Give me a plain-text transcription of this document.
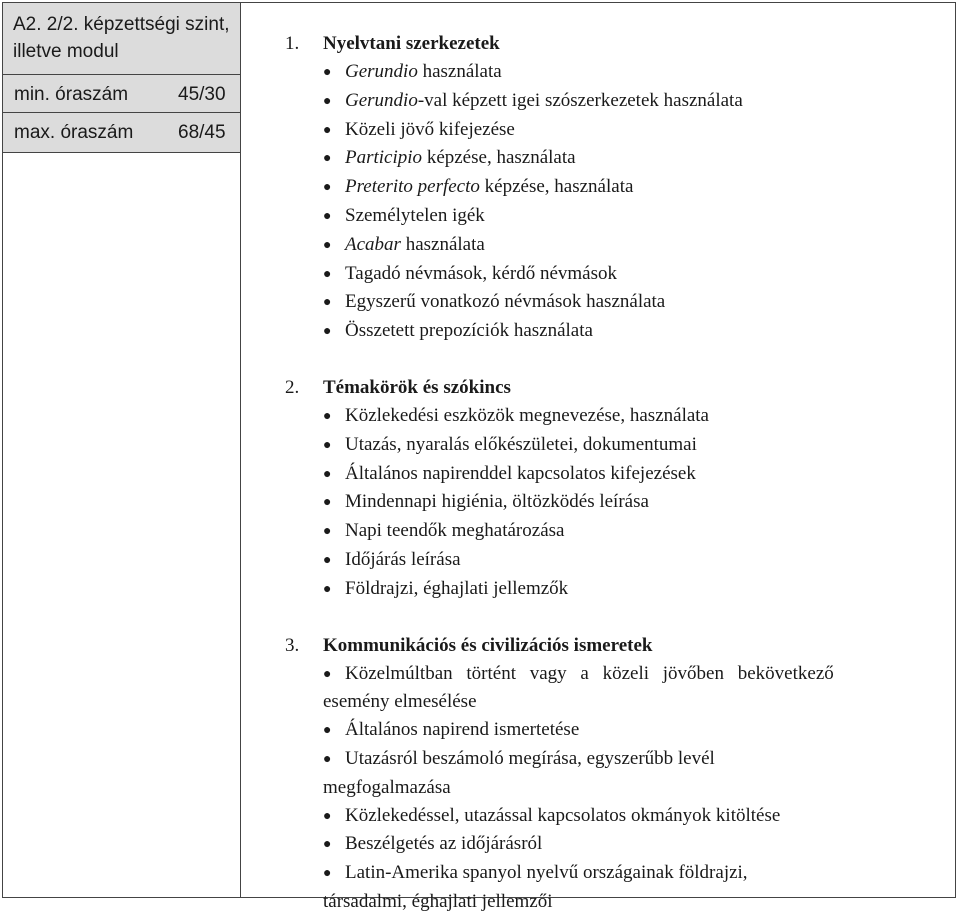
A2. 2/2. képzettségi szint, illetve modul
min. óraszám	45/30
max. óraszám 68/45
1. Nyelvtani szerkezetek
● Gerundio használata
● Gerundio-val képzett igei szószerkezetek használata
● Közeli jövő kifejezése
● Participio képzése, használata
● Preterito perfecto képzése, használata
● Személytelen igék
● Acabar használata
● Tagadó névmások, kérdő névmások
● Egyszerű vonatkozó névmások használata
● Összetett prepozíciók használata
2. Témakörök és szókincs
● Közlekedési eszközök megnevezése, használata
● Utazás, nyaralás előkészületei, dokumentumai
● Általános napirenddel kapcsolatos kifejezések
● Mindennapi higiénia, öltözködés leírása
● Napi teendők meghatározása
● Időjárás leírása
● Földrajzi, éghajlati jellemzők
3. Kommunikációs és civilizációs ismeretek
● Közelmúltban történt vagy a közeli jövőben bekövetkező
esemény elmesélése
● Általános napirend ismertetése
● Utazásról beszámoló megírása, egyszerűbb levél
megfogalmazása
● Közlekedéssel, utazással kapcsolatos okmányok kitöltése
● Beszélgetés az időjárásról
● Latin-Amerika spanyol nyelvű országainak földrajzi,
társadalmi, éghajlati jellemzői
